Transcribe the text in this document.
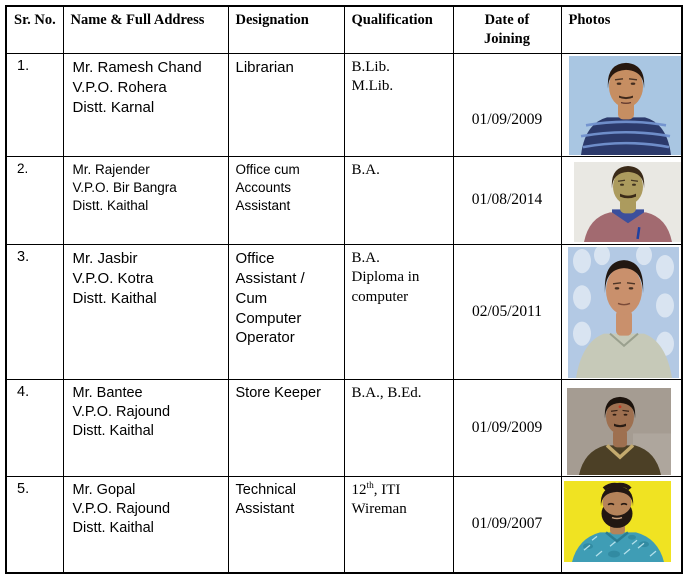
Sr. No.	Name & Full Address	Designation	Qualification	Date of Joining	Photos
1.	Mr. Ramesh Chand
V.P.O. Rohera
Distt. Karnal
	Librarian	B.Lib.
M.Lib.
	01/09/2009	

2.	Mr. Rajender
V.P.O. Bir Bangra
Distt. Kaithal	Office cum Accounts Assistant	B.A.	01/08/2014	

3.	Mr. Jasbir
V.P.O. Kotra
Distt. Kaithal
	Office Assistant / Cum Computer Operator	
B.A.
Diploma in computer
	02/05/2011	

4.	Mr. Bantee
V.P.O. Rajound
Distt. Kaithal	Store Keeper	B.A., B.Ed.	01/09/2009	

5.	Mr. Gopal
V.P.O. Rajound
Distt. Kaithal
	Technical Assistant	
12th, ITI
Wireman
	01/09/2007	
